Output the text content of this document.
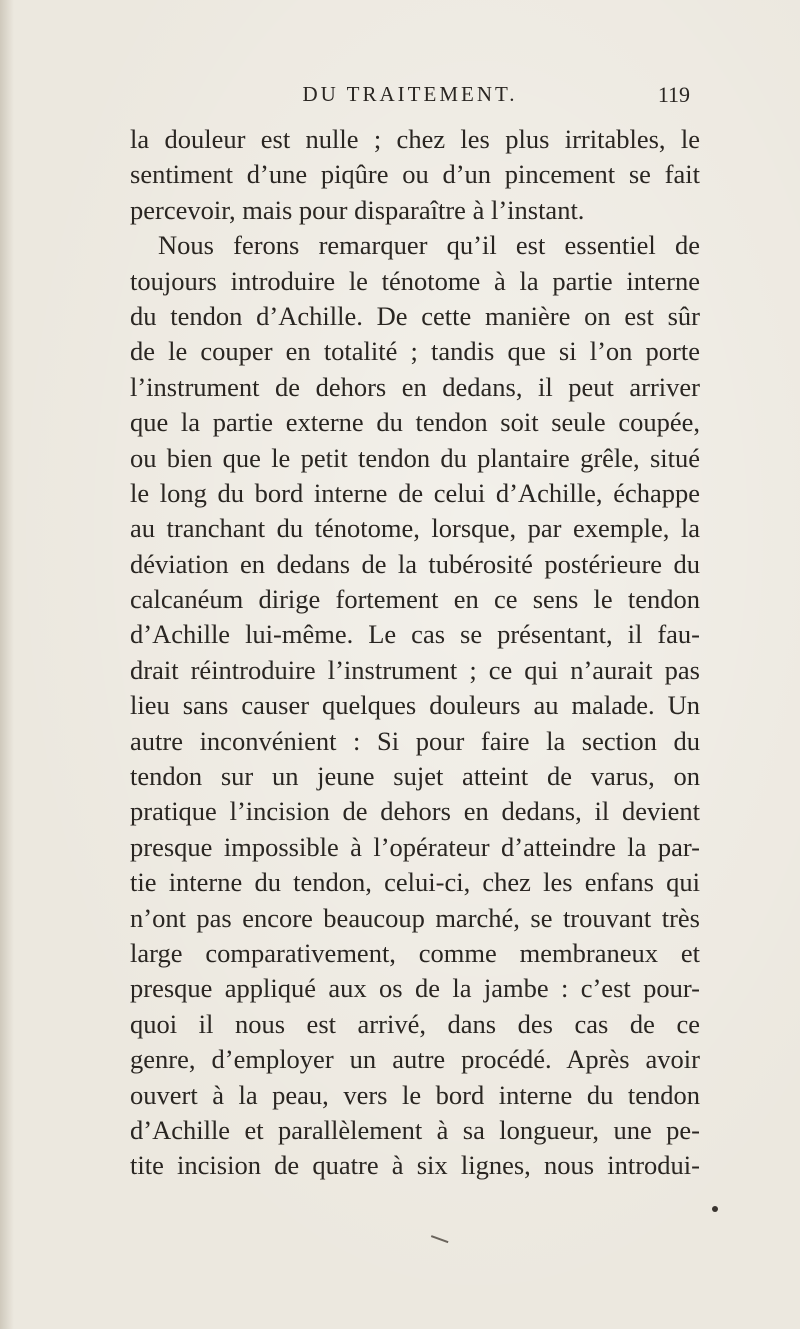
DU TRAITEMENT.	119
la douleur est nulle ; chez les plus irritables, le
sentiment d’une piqûre ou d’un pincement se fait
percevoir, mais pour disparaître à l’instant.
Nous ferons remarquer qu’il est essentiel de
toujours introduire le ténotome à la partie interne
du tendon d’Achille. De cette manière on est sûr
de le couper en totalité ; tandis que si l’on porte
l’instrument de dehors en dedans, il peut arriver
que la partie externe du tendon soit seule coupée,
ou bien que le petit tendon du plantaire grêle, situé
le long du bord interne de celui d’Achille, échappe
au tranchant du ténotome, lorsque, par exemple, la
déviation en dedans de la tubérosité postérieure du
calcanéum dirige fortement en ce sens le tendon
d’Achille lui-même. Le cas se présentant, il fau-
drait réintroduire l’instrument ; ce qui n’aurait pas
lieu sans causer quelques douleurs au malade. Un
autre inconvénient : Si pour faire la section du
tendon sur un jeune sujet atteint de varus, on
pratique l’incision de dehors en dedans, il devient
presque impossible à l’opérateur d’atteindre la par-
tie interne du tendon, celui-ci, chez les enfans qui
n’ont pas encore beaucoup marché, se trouvant très
large comparativement, comme membraneux et
presque appliqué aux os de la jambe : c’est pour-
quoi il nous est arrivé, dans des cas de ce
genre, d’employer un autre procédé. Après avoir
ouvert à la peau, vers le bord interne du tendon
d’Achille et parallèlement à sa longueur, une pe-
tite incision de quatre à six lignes, nous introdui-
